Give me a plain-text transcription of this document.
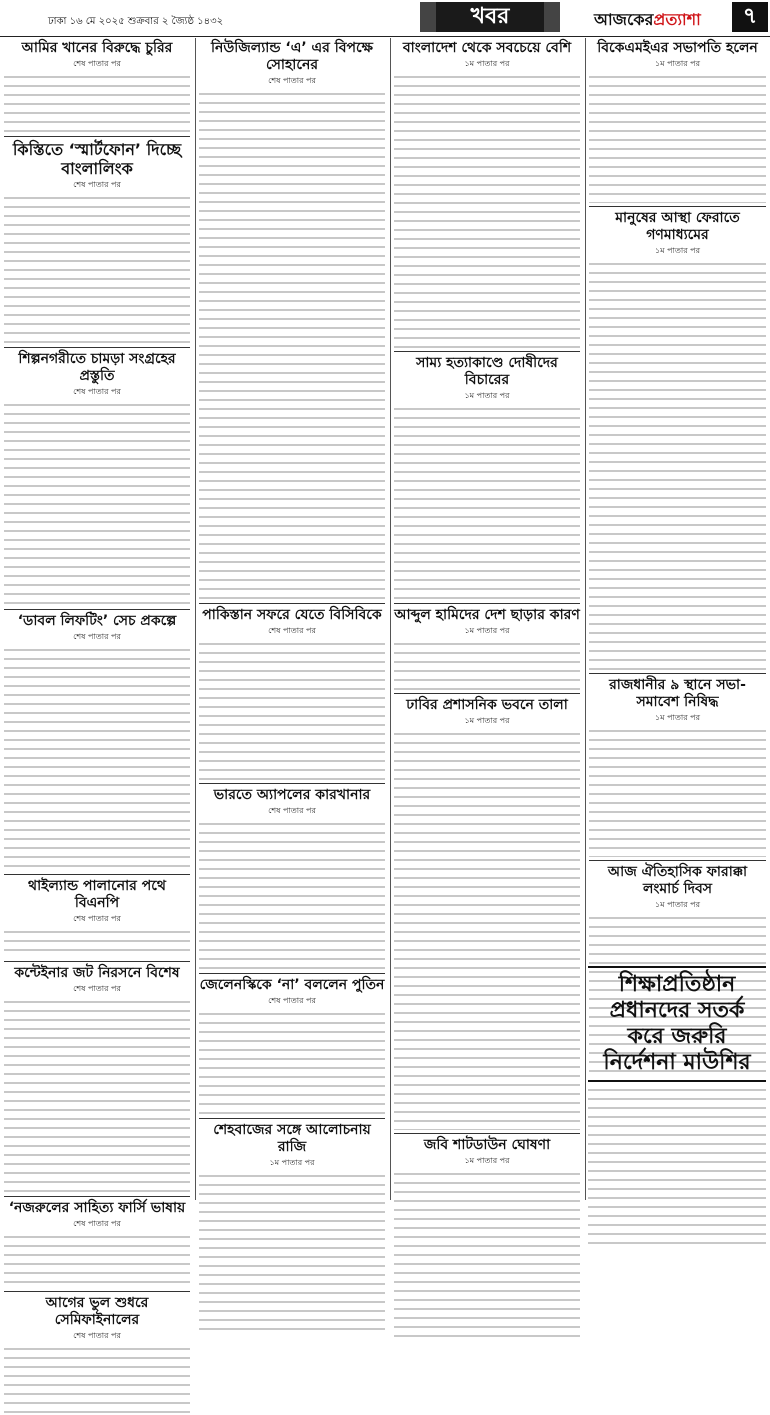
ঢাকা ১৬ মে ২০২৫ শুক্রবার ২ জ্যৈষ্ঠ ১৪৩২	খবর	আজকেরপ্রত্যাশা	৭
আমির খানের বিরুদ্ধে চুরির
শেষ পাতার পর
কিস্তিতে ‘স্মার্টফোন’ দিচ্ছে বাংলালিংক
শেষ পাতার পর
শিল্পনগরীতে চামড়া সংগ্রহের প্রস্তুতি
শেষ পাতার পর
‘ডাবল লিফটিং’ সেচ প্রকল্পে
শেষ পাতার পর
থাইল্যান্ড পালানোর পথে বিএনপি
শেষ পাতার পর
কন্টেইনার জট নিরসনে বিশেষ
শেষ পাতার পর
‘নজরুলের সাহিত্য ফার্সি ভাষায়
শেষ পাতার পর
আগের ভুল শুধরে সেমিফাইনালের
শেষ পাতার পর
নিউজিল্যান্ড ‘এ’ এর বিপক্ষে সোহানের
শেষ পাতার পর
পাকিস্তান সফরে যেতে বিসিবিকে
শেষ পাতার পর
ভারতে অ্যাপলের কারখানার
শেষ পাতার পর
জেলেনস্কিকে ‘না’ বললেন পুতিন
শেষ পাতার পর
শেহবাজের সঙ্গে আলোচনায় রাজি
১ম পাতার পর
বাংলাদেশ থেকে সবচেয়ে বেশি
১ম পাতার পর
সাম্য হত্যাকাণ্ডে দোষীদের বিচারের
১ম পাতার পর
আব্দুল হামিদের দেশ ছাড়ার কারণ
১ম পাতার পর
ঢাবির প্রশাসনিক ভবনে তালা
১ম পাতার পর
জবি শাটডাউন ঘোষণা
১ম পাতার পর
বিকেএমইএর সভাপতি হলেন
১ম পাতার পর
মানুষের আস্থা ফেরাতে গণমাধ্যমের
১ম পাতার পর
রাজধানীর ৯ স্থানে সভা-সমাবেশ নিষিদ্ধ
১ম পাতার পর
আজ ঐতিহাসিক ফারাক্কা লংমার্চ দিবস
১ম পাতার পর
শিক্ষাপ্রতিষ্ঠান প্রধানদের সতর্ক করে জরুরি নির্দেশনা মাউশির
